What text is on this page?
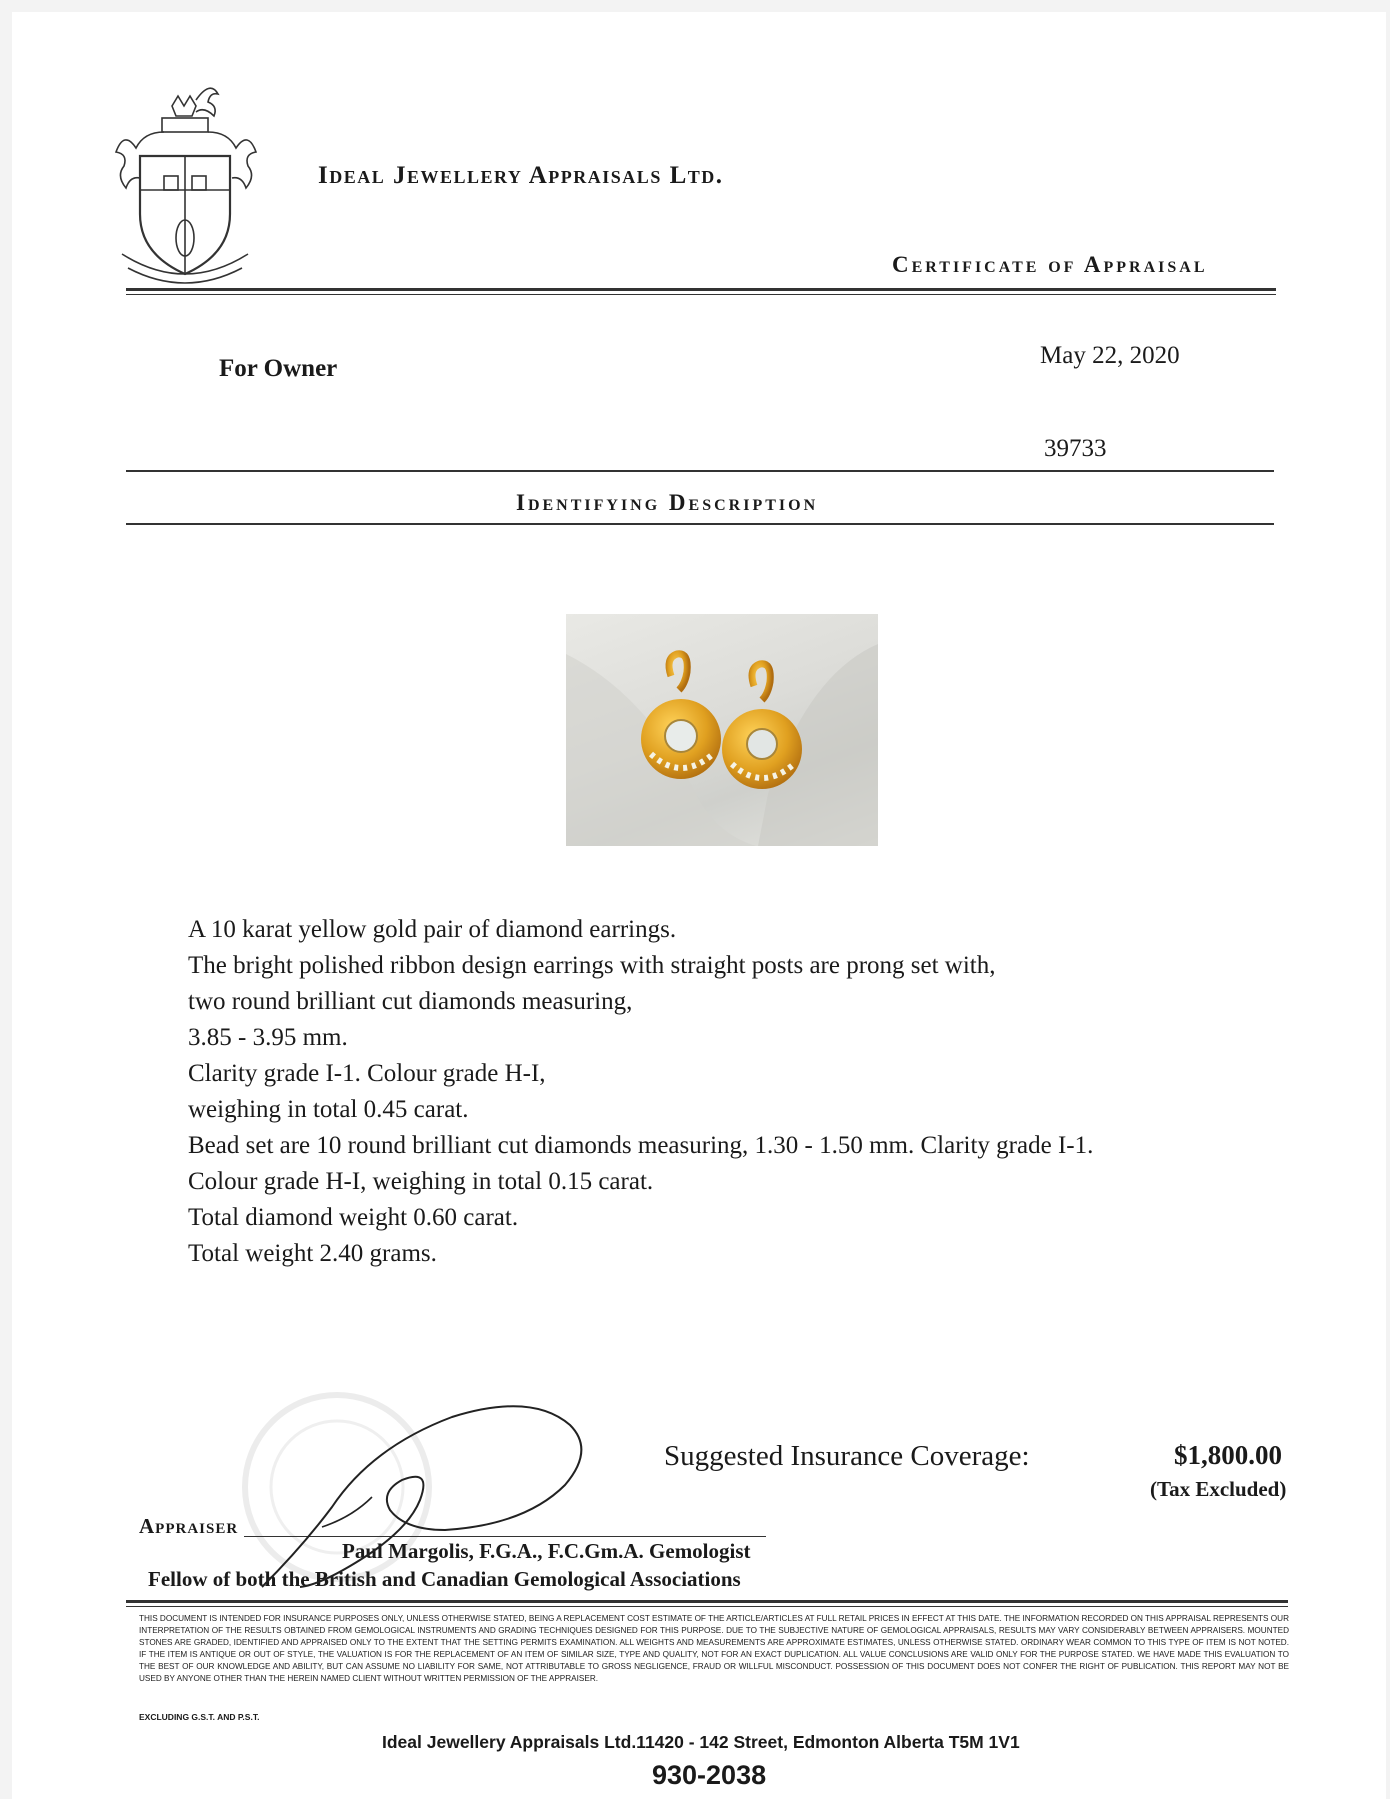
Ideal Jewellery Appraisals Ltd.
Certificate of Appraisal
For Owner	May 22, 2020
39733
Identifying Description
A 10 karat yellow gold pair of diamond earrings.
The bright polished ribbon design earrings with straight posts are prong set with,
two round brilliant cut diamonds measuring,
3.85 - 3.95 mm.
Clarity grade I-1. Colour grade H-I,
weighing in total 0.45 carat.
Bead set are 10 round brilliant cut diamonds measuring, 1.30 - 1.50 mm. Clarity grade I-1.
Colour grade H-I, weighing in total 0.15 carat.
Total diamond weight 0.60 carat.
Total weight 2.40 grams.
Suggested Insurance Coverage:	$1,800.00
(Tax Excluded)
Appraiser
Paul Margolis, F.G.A., F.C.Gm.A. Gemologist
Fellow of both the British and Canadian Gemological Associations
THIS DOCUMENT IS INTENDED FOR INSURANCE PURPOSES ONLY, UNLESS OTHERWISE STATED, BEING A REPLACEMENT COST ESTIMATE OF THE ARTICLE/ARTICLES AT FULL RETAIL PRICES IN EFFECT AT THIS DATE. THE INFORMATION RECORDED ON THIS APPRAISAL REPRESENTS OUR INTERPRETATION OF THE RESULTS OBTAINED FROM GEMOLOGICAL INSTRUMENTS AND GRADING TECHNIQUES DESIGNED FOR THIS PURPOSE. DUE TO THE SUBJECTIVE NATURE OF GEMOLOGICAL APPRAISALS, RESULTS MAY VARY CONSIDERABLY BETWEEN APPRAISERS. MOUNTED STONES ARE GRADED, IDENTIFIED AND APPRAISED ONLY TO THE EXTENT THAT THE SETTING PERMITS EXAMINATION. ALL WEIGHTS AND MEASUREMENTS ARE APPROXIMATE ESTIMATES, UNLESS OTHERWISE STATED. ORDINARY WEAR COMMON TO THIS TYPE OF ITEM IS NOT NOTED. IF THE ITEM IS ANTIQUE OR OUT OF STYLE, THE VALUATION IS FOR THE REPLACEMENT OF AN ITEM OF SIMILAR SIZE, TYPE AND QUALITY, NOT FOR AN EXACT DUPLICATION. ALL VALUE CONCLUSIONS ARE VALID ONLY FOR THE PURPOSE STATED. WE HAVE MADE THIS EVALUATION TO THE BEST OF OUR KNOWLEDGE AND ABILITY, BUT CAN ASSUME NO LIABILITY FOR SAME, NOT ATTRIBUTABLE TO GROSS NEGLIGENCE, FRAUD OR WILLFUL MISCONDUCT. POSSESSION OF THIS DOCUMENT DOES NOT CONFER THE RIGHT OF PUBLICATION. THIS REPORT MAY NOT BE USED BY ANYONE OTHER THAN THE HEREIN NAMED CLIENT WITHOUT WRITTEN PERMISSION OF THE APPRAISER.
EXCLUDING G.S.T. AND P.S.T.
Ideal Jewellery Appraisals Ltd.11420 - 142 Street, Edmonton Alberta T5M 1V1
930-2038
